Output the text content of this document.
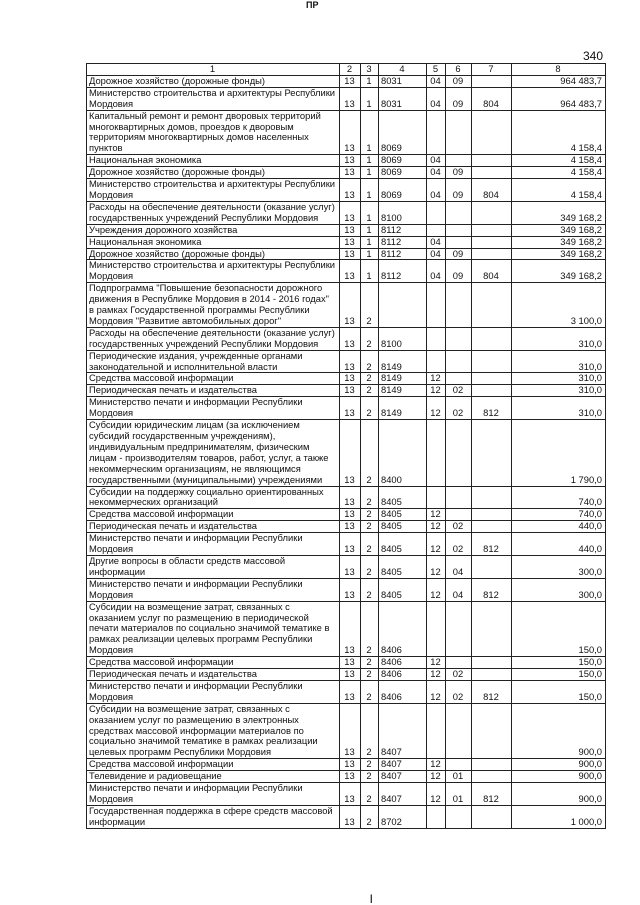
ПР
340
1	2	3	4	5	6	7	8
Дорожное хозяйство (дорожные фонды)	13	1	8031	04	09		964 483,7
Министерство строительства и архитектуры Республики Мордовия	13	1	8031	04	09	804	964 483,7
Капитальный ремонт и ремонт дворовых территорий многоквартирных домов, проездов к дворовым территориям многоквартирных домов населенных пунктов	13	1	8069				4 158,4
Национальная экономика	13	1	8069	04			4 158,4
Дорожное хозяйство (дорожные фонды)	13	1	8069	04	09		4 158,4
Министерство строительства и архитектуры Республики Мордовия	13	1	8069	04	09	804	4 158,4
Расходы на обеспечение деятельности (оказание услуг) государственных учреждений Республики Мордовия	13	1	8100				349 168,2
Учреждения дорожного хозяйства	13	1	8112				349 168,2
Национальная экономика	13	1	8112	04			349 168,2
Дорожное хозяйство (дорожные фонды)	13	1	8112	04	09		349 168,2
Министерство строительства и архитектуры Республики Мордовия	13	1	8112	04	09	804	349 168,2
Подпрограмма "Повышение безопасности дорожного движения в Республике Мордовия в 2014 - 2016 годах" в рамках Государственной программы Республики Мордовия "Развитие автомобильных дорог"	13	2					3 100,0
Расходы на обеспечение деятельности (оказание услуг) государственных учреждений Республики Мордовия	13	2	8100				310,0
Периодические издания, учрежденные органами законодательной и исполнительной власти	13	2	8149				310,0
Средства массовой информации	13	2	8149	12			310,0
Периодическая печать и издательства	13	2	8149	12	02		310,0
Министерство печати и информации Республики Мордовия	13	2	8149	12	02	812	310,0
Субсидии юридическим лицам (за исключением субсидий государственным учреждениям), индивидуальным предпринимателям, физическим лицам - производителям товаров, работ, услуг, а также некоммерческим организациям, не являющимся государственными (муниципальными) учреждениями	13	2	8400				1 790,0
Субсидии на поддержку социально ориентированных некоммерческих организаций	13	2	8405				740,0
Средства массовой информации	13	2	8405	12			740,0
Периодическая печать и издательства	13	2	8405	12	02		440,0
Министерство печати и информации Республики Мордовия	13	2	8405	12	02	812	440,0
Другие вопросы в области средств массовой информации	13	2	8405	12	04		300,0
Министерство печати и информации Республики Мордовия	13	2	8405	12	04	812	300,0
Субсидии на возмещение затрат, связанных с оказанием услуг по размещению в периодической печати материалов по социально значимой тематике в рамках реализации целевых программ Республики Мордовия	13	2	8406				150,0
Средства массовой информации	13	2	8406	12			150,0
Периодическая печать и издательства	13	2	8406	12	02		150,0
Министерство печати и информации Республики Мордовия	13	2	8406	12	02	812	150,0
Субсидии на возмещение затрат, связанных с оказанием услуг по размещению в электронных средствах массовой информации материалов по социально значимой тематике в рамках реализации целевых программ Республики Мордовия	13	2	8407				900,0
Средства массовой информации	13	2	8407	12			900,0
Телевидение и радиовещание	13	2	8407	12	01		900,0
Министерство печати и информации Республики Мордовия	13	2	8407	12	01	812	900,0
Государственная поддержка в сфере средств массовой информации	13	2	8702				1 000,0
|
